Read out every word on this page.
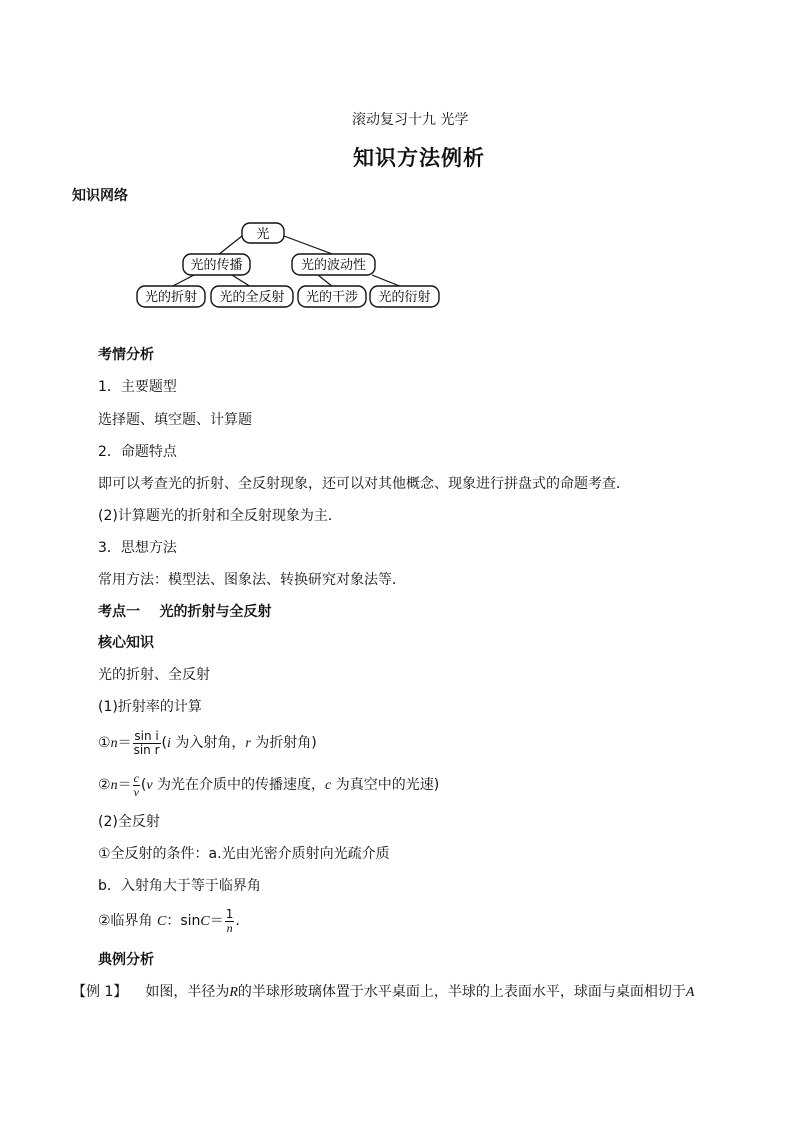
滚动复习十九 光学
知识方法例析
知识网络
光
光的传播	光的波动性
光的折射 光的全反射 光的干涉 光的衍射
考情分析
1．主要题型
选择题、填空题、计算题
2．命题特点
即可以考查光的折射、全反射现象，还可以对其他概念、现象进行拼盘式的命题考查．
(2)计算题光的折射和全反射现象为主．
3．思想方法
常用方法：模型法、图象法、转换研究对象法等．
考点一    光的折射与全反射
核心知识
光的折射、全反射
(1)折射率的计算
①n＝ $\frac{\text{sin i}}{\text{sin r}} (i$ 为入射角，r 为折射角)
②n＝ $\frac{c}{v} (v$ 为光在介质中的传播速度，c 为真空中的光速)
(2)全反射
①全反射的条件：a.光由光密介质射向光疏介质
b．入射角大于等于临界角
②临界角 C：$\sin C= \frac{1}{n}$ .
典例分析
【例 1】 如图，半径为R的半球形玻璃体置于水平桌面上，半球的上表面水平，球面与桌面相切于A
